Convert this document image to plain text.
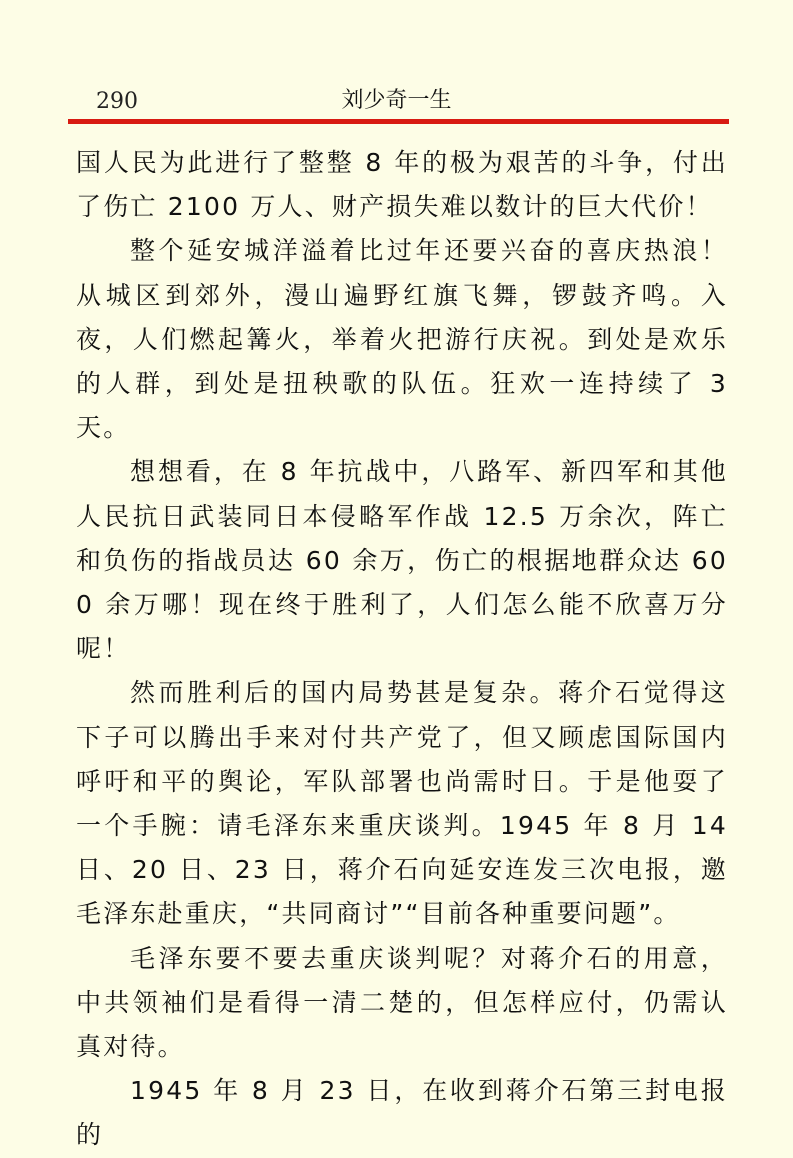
290	刘少奇一生

国人民为此进行了整整 8 年的极为艰苦的斗争，付出了伤亡 2100 万人、财产损失难以数计的巨大代价！

整个延安城洋溢着比过年还要兴奋的喜庆热浪！从城区到郊外，漫山遍野红旗飞舞，锣鼓齐鸣。入夜，人们燃起篝火，举着火把游行庆祝。到处是欢乐的人群，到处是扭秧歌的队伍。狂欢一连持续了 3 天。

想想看，在 8 年抗战中，八路军、新四军和其他人民抗日武装同日本侵略军作战 12.5 万余次，阵亡和负伤的指战员达 60 余万，伤亡的根据地群众达 600 余万哪！现在终于胜利了，人们怎么能不欣喜万分呢！

然而胜利后的国内局势甚是复杂。蒋介石觉得这下子可以腾出手来对付共产党了，但又顾虑国际国内呼吁和平的舆论，军队部署也尚需时日。于是他耍了一个手腕：请毛泽东来重庆谈判。1945 年 8 月 14 日、20 日、23 日，蒋介石向延安连发三次电报，邀毛泽东赴重庆，“共同商讨”“目前各种重要问题”。

毛泽东要不要去重庆谈判呢？对蒋介石的用意，中共领袖们是看得一清二楚的，但怎样应付，仍需认真对待。

1945 年 8 月 23 日，在收到蒋介石第三封电报的
